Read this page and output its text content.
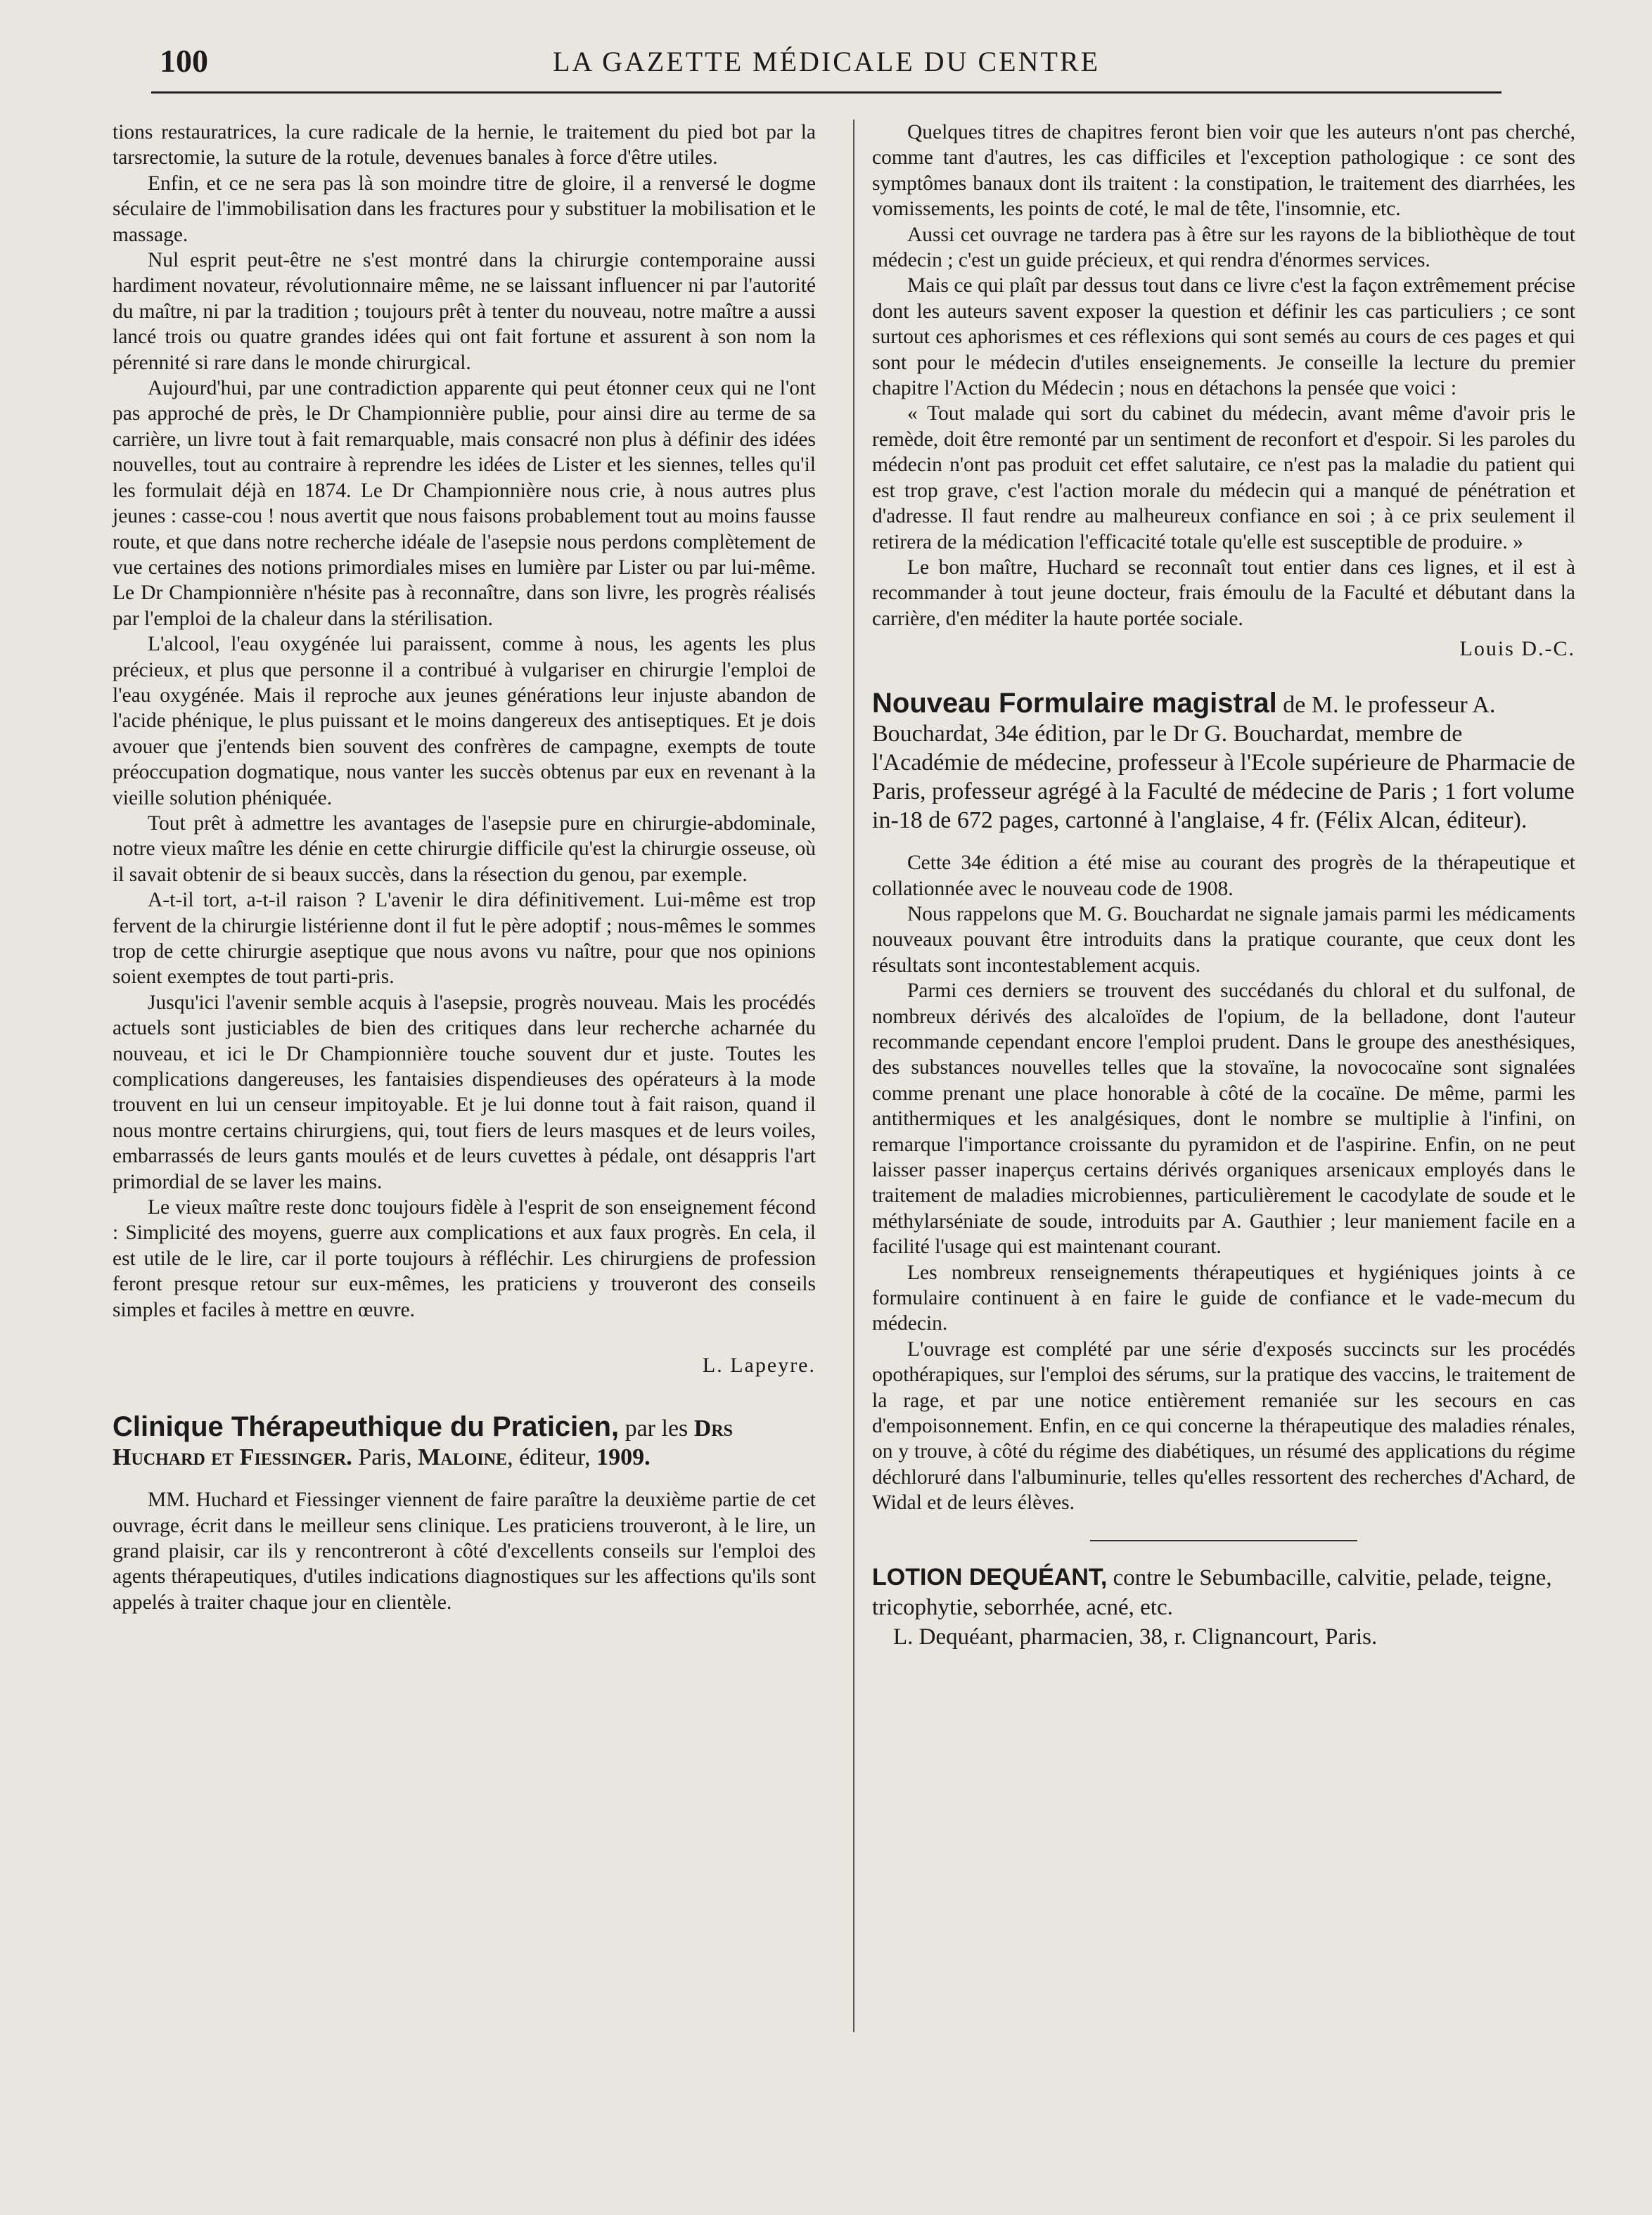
100	LA GAZETTE MÉDICALE DU CENTRE

tions restauratrices, la cure radicale de la hernie, le traitement du pied bot par la tarsrectomie, la suture de la rotule, devenues banales à force d'être utiles.

Enfin, et ce ne sera pas là son moindre titre de gloire, il a renversé le dogme séculaire de l'immobilisation dans les fractures pour y substituer la mobilisation et le massage.

Nul esprit peut-être ne s'est montré dans la chirurgie contemporaine aussi hardiment novateur, révolutionnaire même, ne se laissant influencer ni par l'autorité du maître, ni par la tradition ; toujours prêt à tenter du nouveau, notre maître a aussi lancé trois ou quatre grandes idées qui ont fait fortune et assurent à son nom la pérennité si rare dans le monde chirurgical.

Aujourd'hui, par une contradiction apparente qui peut étonner ceux qui ne l'ont pas approché de près, le Dr Championnière publie, pour ainsi dire au terme de sa carrière, un livre tout à fait remarquable, mais consacré non plus à définir des idées nouvelles, tout au contraire à reprendre les idées de Lister et les siennes, telles qu'il les formulait déjà en 1874. Le Dr Championnière nous crie, à nous autres plus jeunes : casse-cou ! nous avertit que nous faisons probablement tout au moins fausse route, et que dans notre recherche idéale de l'asepsie nous perdons complètement de vue certaines des notions primordiales mises en lumière par Lister ou par lui-même. Le Dr Championnière n'hésite pas à reconnaître, dans son livre, les progrès réalisés par l'emploi de la chaleur dans la stérilisation.

L'alcool, l'eau oxygénée lui paraissent, comme à nous, les agents les plus précieux, et plus que personne il a contribué à vulgariser en chirurgie l'emploi de l'eau oxygénée. Mais il reproche aux jeunes générations leur injuste abandon de l'acide phénique, le plus puissant et le moins dangereux des antiseptiques. Et je dois avouer que j'entends bien souvent des confrères de campagne, exempts de toute préoccupation dogmatique, nous vanter les succès obtenus par eux en revenant à la vieille solution phéniquée.

Tout prêt à admettre les avantages de l'asepsie pure en chirurgie-abdominale, notre vieux maître les dénie en cette chirurgie difficile qu'est la chirurgie osseuse, où il savait obtenir de si beaux succès, dans la résection du genou, par exemple.

A-t-il tort, a-t-il raison ? L'avenir le dira définitivement. Lui-même est trop fervent de la chirurgie listérienne dont il fut le père adoptif ; nous-mêmes le sommes trop de cette chirurgie aseptique que nous avons vu naître, pour que nos opinions soient exemptes de tout parti-pris.

Jusqu'ici l'avenir semble acquis à l'asepsie, progrès nouveau. Mais les procédés actuels sont justiciables de bien des critiques dans leur recherche acharnée du nouveau, et ici le Dr Championnière touche souvent dur et juste. Toutes les complications dangereuses, les fantaisies dispendieuses des opérateurs à la mode trouvent en lui un censeur impitoyable. Et je lui donne tout à fait raison, quand il nous montre certains chirurgiens, qui, tout fiers de leurs masques et de leurs voiles, embarrassés de leurs gants moulés et de leurs cuvettes à pédale, ont désappris l'art primordial de se laver les mains.

Le vieux maître reste donc toujours fidèle à l'esprit de son enseignement fécond : Simplicité des moyens, guerre aux complications et aux faux progrès. En cela, il est utile de le lire, car il porte toujours à réfléchir. Les chirurgiens de profession feront presque retour sur eux-mêmes, les praticiens y trouveront des conseils simples et faciles à mettre en œuvre.

L. Lapeyre.
Clinique Thérapeuthique du Praticien, par les Drs Huchard et Fiessinger. Paris, Maloine, éditeur, 1909.

MM. Huchard et Fiessinger viennent de faire paraître la deuxième partie de cet ouvrage, écrit dans le meilleur sens clinique. Les praticiens trouveront, à le lire, un grand plaisir, car ils y rencontreront à côté d'excellents conseils sur l'emploi des agents thérapeutiques, d'utiles indications diagnostiques sur les affections qu'ils sont appelés à traiter chaque jour en clientèle.

Quelques titres de chapitres feront bien voir que les auteurs n'ont pas cherché, comme tant d'autres, les cas difficiles et l'exception pathologique : ce sont des symptômes banaux dont ils traitent : la constipation, le traitement des diarrhées, les vomissements, les points de coté, le mal de tête, l'insomnie, etc.

Aussi cet ouvrage ne tardera pas à être sur les rayons de la bibliothèque de tout médecin ; c'est un guide précieux, et qui rendra d'énormes services.

Mais ce qui plaît par dessus tout dans ce livre c'est la façon extrêmement précise dont les auteurs savent exposer la question et définir les cas particuliers ; ce sont surtout ces aphorismes et ces réflexions qui sont semés au cours de ces pages et qui sont pour le médecin d'utiles enseignements. Je conseille la lecture du premier chapitre l'Action du Médecin ; nous en détachons la pensée que voici :

« Tout malade qui sort du cabinet du médecin, avant même d'avoir pris le remède, doit être remonté par un sentiment de reconfort et d'espoir. Si les paroles du médecin n'ont pas produit cet effet salutaire, ce n'est pas la maladie du patient qui est trop grave, c'est l'action morale du médecin qui a manqué de pénétration et d'adresse. Il faut rendre au malheureux confiance en soi ; à ce prix seulement il retirera de la médication l'efficacité totale qu'elle est susceptible de produire. »

Le bon maître, Huchard se reconnaît tout entier dans ces lignes, et il est à recommander à tout jeune docteur, frais émoulu de la Faculté et débutant dans la carrière, d'en méditer la haute portée sociale.

Louis D.-C.
Nouveau Formulaire magistral de M. le professeur A. Bouchardat, 34e édition, par le Dr G. Bouchardat, membre de l'Académie de médecine, professeur à l'Ecole supérieure de Pharmacie de Paris, professeur agrégé à la Faculté de médecine de Paris ; 1 fort volume in-18 de 672 pages, cartonné à l'anglaise, 4 fr. (Félix Alcan, éditeur).

Cette 34e édition a été mise au courant des progrès de la thérapeutique et collationnée avec le nouveau code de 1908.

Nous rappelons que M. G. Bouchardat ne signale jamais parmi les médicaments nouveaux pouvant être introduits dans la pratique courante, que ceux dont les résultats sont incontestablement acquis.

Parmi ces derniers se trouvent des succédanés du chloral et du sulfonal, de nombreux dérivés des alcaloïdes de l'opium, de la belladone, dont l'auteur recommande cependant encore l'emploi prudent. Dans le groupe des anesthésiques, des substances nouvelles telles que la stovaïne, la novococaïne sont signalées comme prenant une place honorable à côté de la cocaïne. De même, parmi les antithermiques et les analgésiques, dont le nombre se multiplie à l'infini, on remarque l'importance croissante du pyramidon et de l'aspirine. Enfin, on ne peut laisser passer inaperçus certains dérivés organiques arsenicaux employés dans le traitement de maladies microbiennes, particulièrement le cacodylate de soude et le méthylarséniate de soude, introduits par A. Gauthier ; leur maniement facile en a facilité l'usage qui est maintenant courant.

Les nombreux renseignements thérapeutiques et hygiéniques joints à ce formulaire continuent à en faire le guide de confiance et le vade-mecum du médecin.

L'ouvrage est complété par une série d'exposés succincts sur les procédés opothérapiques, sur l'emploi des sérums, sur la pratique des vaccins, le traitement de la rage, et par une notice entièrement remaniée sur les secours en cas d'empoisonnement. Enfin, en ce qui concerne la thérapeutique des maladies rénales, on y trouve, à côté du régime des diabétiques, un résumé des applications du régime déchloruré dans l'albuminurie, telles qu'elles ressortent des recherches d'Achard, de Widal et de leurs élèves.

LOTION DEQUÉANT, contre le Sebumbacille, calvitie, pelade, teigne, tricophytie, seborrhée, acné, etc.
L. Dequéant, pharmacien, 38, r. Clignancourt, Paris.
